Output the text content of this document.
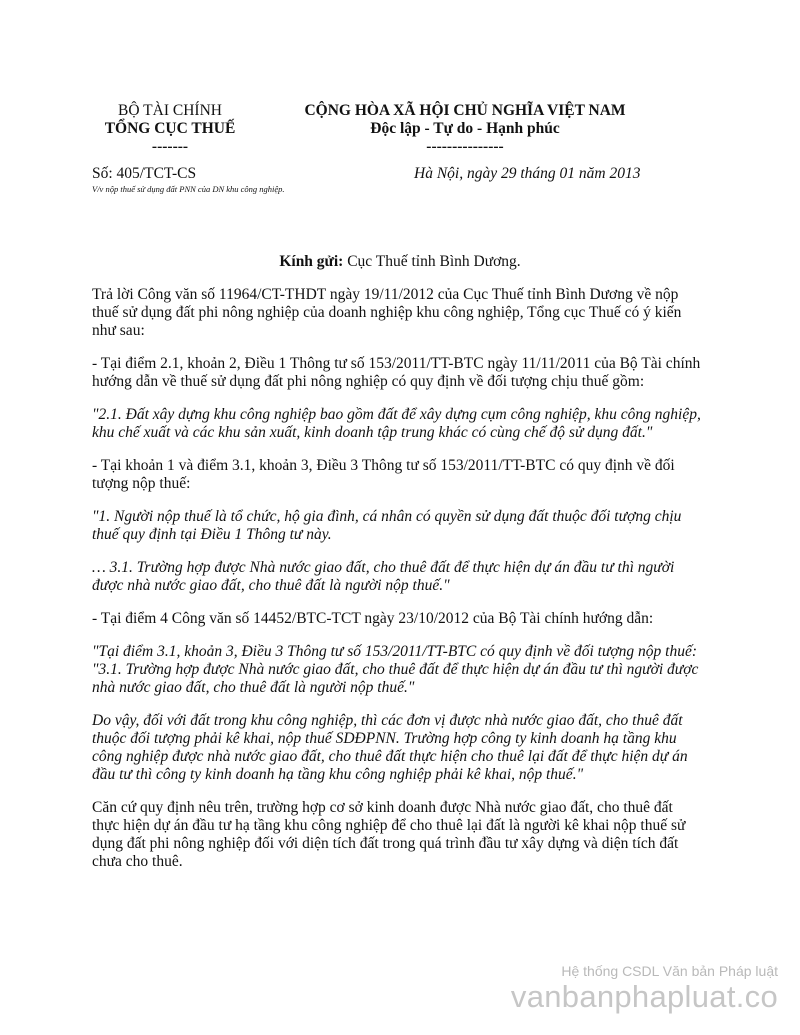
BỘ TÀI CHÍNH
TỔNG CỤC THUẾ
-------
CỘNG HÒA XÃ HỘI CHỦ NGHĨA VIỆT NAM
Độc lập - Tự do - Hạnh phúc
---------------
Số: 405/TCT-CS
V/v nộp thuế sử dụng đất PNN của DN khu công nghiệp.
Hà Nội, ngày 29 tháng 01 năm 2013
Kính gửi: Cục Thuế tỉnh Bình Dương.

Trả lời Công văn số 11964/CT-THDT ngày 19/11/2012 của Cục Thuế tỉnh Bình Dương về nộp thuế sử dụng đất phi nông nghiệp của doanh nghiệp khu công nghiệp, Tổng cục Thuế có ý kiến như sau:

- Tại điểm 2.1, khoản 2, Điều 1 Thông tư số 153/2011/TT-BTC ngày 11/11/2011 của Bộ Tài chính hướng dẫn về thuế sử dụng đất phi nông nghiệp có quy định về đối tượng chịu thuế gồm:

"2.1. Đất xây dựng khu công nghiệp bao gồm đất để xây dựng cụm công nghiệp, khu công nghiệp, khu chế xuất và các khu sản xuất, kinh doanh tập trung khác có cùng chế độ sử dụng đất."

- Tại khoản 1 và điểm 3.1, khoản 3, Điều 3 Thông tư số 153/2011/TT-BTC có quy định về đối tượng nộp thuế:

"1. Người nộp thuế là tổ chức, hộ gia đình, cá nhân có quyền sử dụng đất thuộc đối tượng chịu thuế quy định tại Điều 1 Thông tư này.

… 3.1. Trường hợp được Nhà nước giao đất, cho thuê đất để thực hiện dự án đầu tư thì người được nhà nước giao đất, cho thuê đất là người nộp thuế."

- Tại điểm 4 Công văn số 14452/BTC-TCT ngày 23/10/2012 của Bộ Tài chính hướng dẫn:

"Tại điểm 3.1, khoản 3, Điều 3 Thông tư số 153/2011/TT-BTC có quy định về đối tượng nộp thuế: "3.1. Trường hợp được Nhà nước giao đất, cho thuê đất để thực hiện dự án đầu tư thì người được nhà nước giao đất, cho thuê đất là người nộp thuế."

Do vậy, đối với đất trong khu công nghiệp, thì các đơn vị được nhà nước giao đất, cho thuê đất thuộc đối tượng phải kê khai, nộp thuế SDĐPNN. Trường hợp công ty kinh doanh hạ tầng khu công nghiệp được nhà nước giao đất, cho thuê đất thực hiện cho thuê lại đất để thực hiện dự án đầu tư thì công ty kinh doanh hạ tầng khu công nghiệp phải kê khai, nộp thuế."

Căn cứ quy định nêu trên, trường hợp cơ sở kinh doanh được Nhà nước giao đất, cho thuê đất thực hiện dự án đầu tư hạ tầng khu công nghiệp để cho thuê lại đất là người kê khai nộp thuế sử dụng đất phi nông nghiệp đối với diện tích đất trong quá trình đầu tư xây dựng và diện tích đất chưa cho thuê.

Hệ thống CSDL Văn bản Pháp luật
vanbanphapluat.co
